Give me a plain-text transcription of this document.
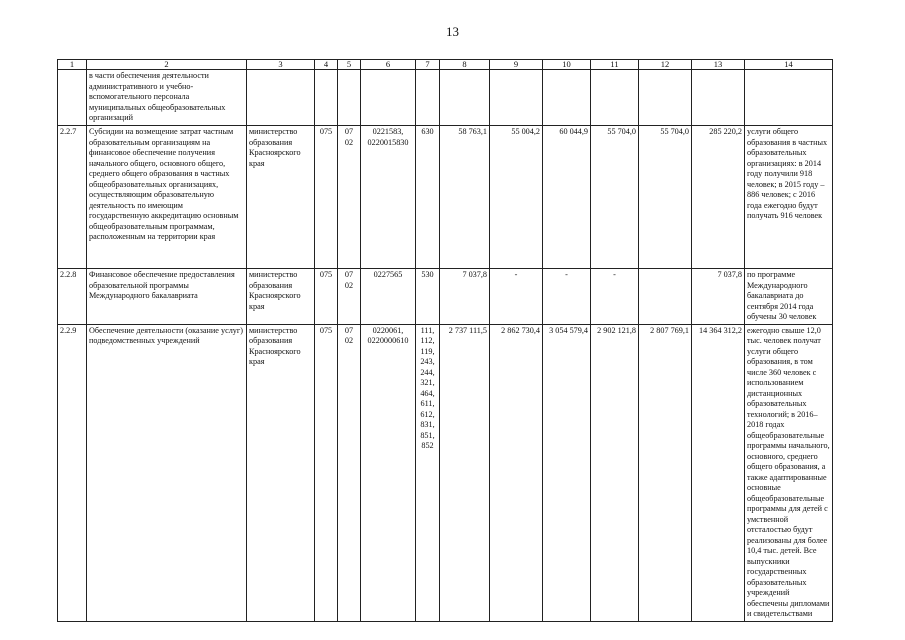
13
1	2	3	4	5	6	7	8	9	10	11	12	13	14
	в части обеспечения деятельности административного и учебно-вспомогательного персонала муниципальных общеобразовательных организаций												
2.2.7	Субсидии на возмещение затрат частным образовательным организациям на финансовое обеспечение получения начального общего, основного общего, среднего общего образования в частных общеобразовательных организациях, осуществляющим образовательную деятельность по имеющим государственную аккредитацию основным общеобразовательным программам, расположенным на территории края	министерство образования Красноярского края	075	07 02	0221583, 0220015830	630	58 763,1	55 004,2	60 044,9	55 704,0	55 704,0	285 220,2	услуги общего образования в частных образовательных организациях: в 2014 году получили 918 человек; в 2015 году – 886 человек; с 2016 года ежегодно будут получать 916 человек
2.2.8	Финансовое обеспечение предоставления образовательной программы Международного бакалавриата	министерство образования Красноярского края	075	07 02	0227565	530	7 037,8	-	-	-		7 037,8	по программе Международного бакалавриата до сентября 2014 года обучены 30 человек
2.2.9	Обеспечение деятельности (оказание услуг) подведомственных учреждений	министерство образования Красноярского края	075	07 02	0220061, 0220000610	111, 112, 119, 243, 244, 321, 464, 611, 612, 831, 851, 852	2 737 111,5	2 862 730,4	3 054 579,4	2 902 121,8	2 807 769,1	14 364 312,2	ежегодно свыше 12,0 тыс. человек получат услуги общего образования, в том числе 360 человек с использованием дистанционных образовательных технологий; в 2016–2018 годах общеобразовательные программы начального, основного, среднего общего образования, а также адаптированные основные общеобразовательные программы для детей с умственной отсталостью будут реализованы для более 10,4 тыс. детей. Все выпускники государственных образовательных учреждений обеспечены дипломами и свидетельствами
